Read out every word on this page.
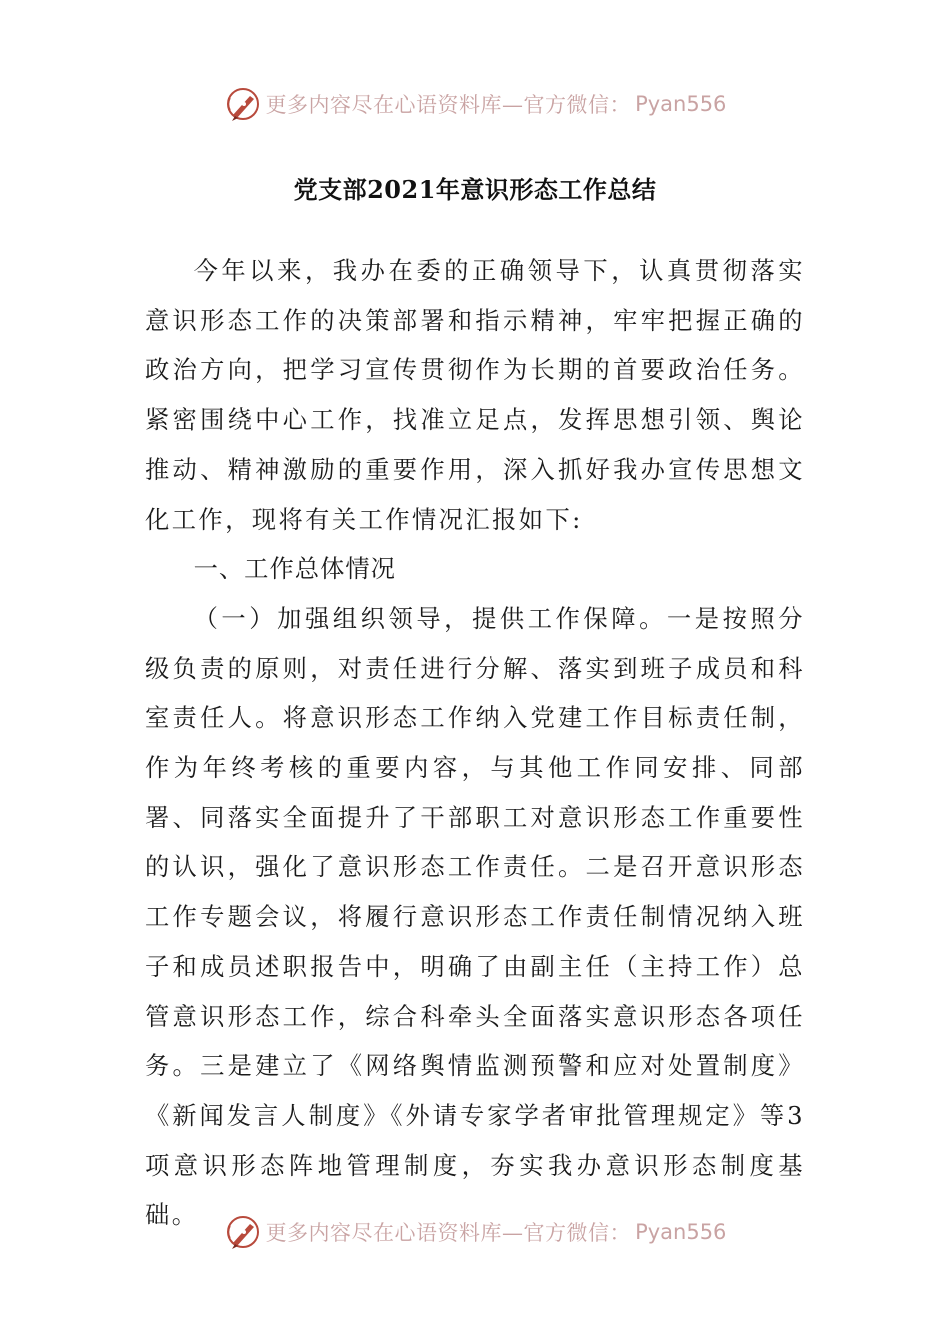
更多内容尽在心语资料库—官方微信： Pyan556
党支部2021年意识形态工作总结

今年以来，我办在委的正确领导下，认真贯彻落实意识形态工作的决策部署和指示精神，牢牢把握正确的政治方向，把学习宣传贯彻作为长期的首要政治任务。紧密围绕中心工作，找准立足点，发挥思想引领、舆论推动、精神激励的重要作用，深入抓好我办宣传思想文化工作，现将有关工作情况汇报如下:

一、工作总体情况

（一）加强组织领导，提供工作保障。一是按照分级负责的原则，对责任进行分解、落实到班子成员和科室责任人。将意识形态工作纳入党建工作目标责任制，作为年终考核的重要内容，与其他工作同安排、同部署、同落实全面提升了干部职工对意识形态工作重要性的认识，强化了意识形态工作责任。二是召开意识形态工作专题会议，将履行意识形态工作责任制情况纳入班子和成员述职报告中，明确了由副主任（主持工作）总管意识形态工作，综合科牵头全面落实意识形态各项任务。三是建立了《网络舆情监测预警和应对处置制度》《新闻发言人制度》《外请专家学者审批管理规定》等3项意识形态阵地管理制度，夯实我办意识形态制度基础。

更多内容尽在心语资料库—官方微信： Pyan556
